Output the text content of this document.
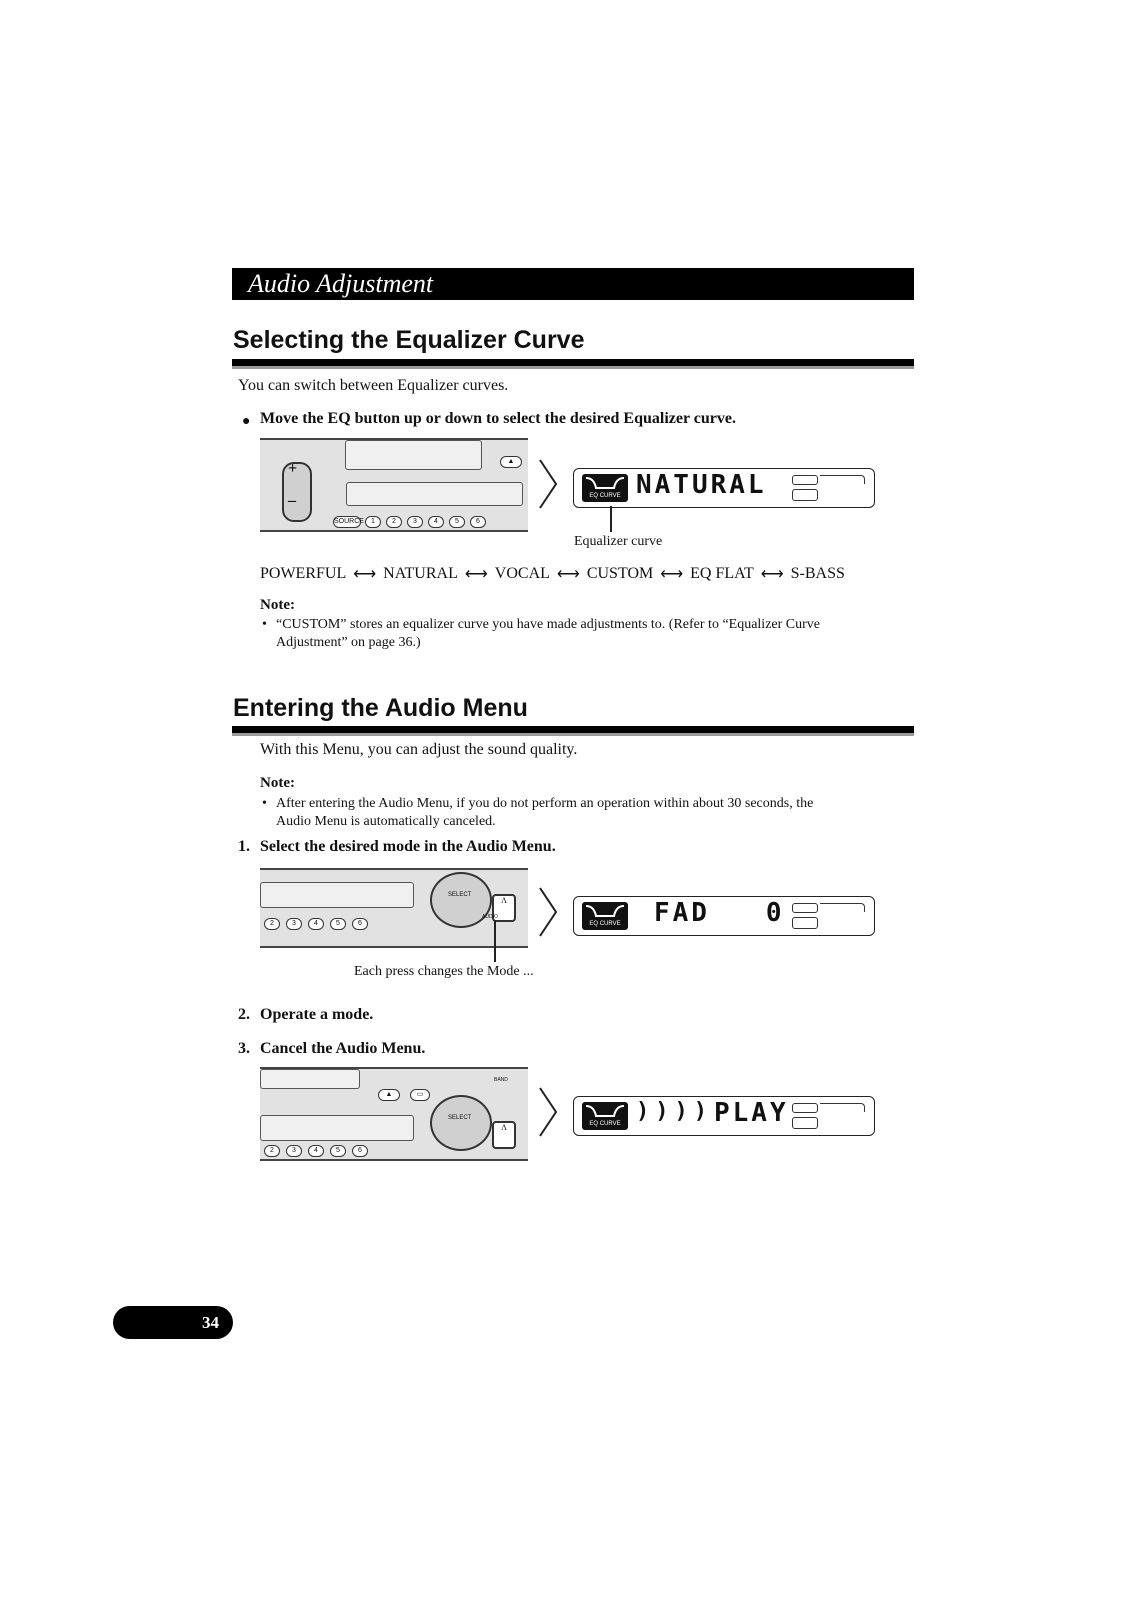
Audio Adjustment
Selecting the Equalizer Curve
You can switch between Equalizer curves.
● Move the EQ button up or down to select the desired Equalizer curve.
+
–
SOURCE	1	2	3	4	5	6
▲
EQ CURVE NATURAL
Equalizer curve
POWERFUL ⟷ NATURAL ⟷ VOCAL ⟷ CUSTOM ⟷ EQ FLAT ⟷ S-BASS
Note:
• “CUSTOM” stores an equalizer curve you have made adjustments to. (Refer to “Equalizer Curve
Adjustment” on page 36.)
Entering the Audio Menu
With this Menu, you can adjust the sound quality.
Note:
• After entering the Audio Menu, if you do not perform an operation within about 30 seconds, the
Audio Menu is automatically canceled.
1. Select the desired mode in the Audio Menu.
SELECT
Λ
AUDIO
2	3	4	5	6	EQ CURVE FAD   0
Each press changes the Mode ...
2. Operate a mode.
3. Cancel the Audio Menu.
▲	▭
SELECT
BAND
Λ
2	3	4	5	6
EQ CURVE )))) PLAY
34
